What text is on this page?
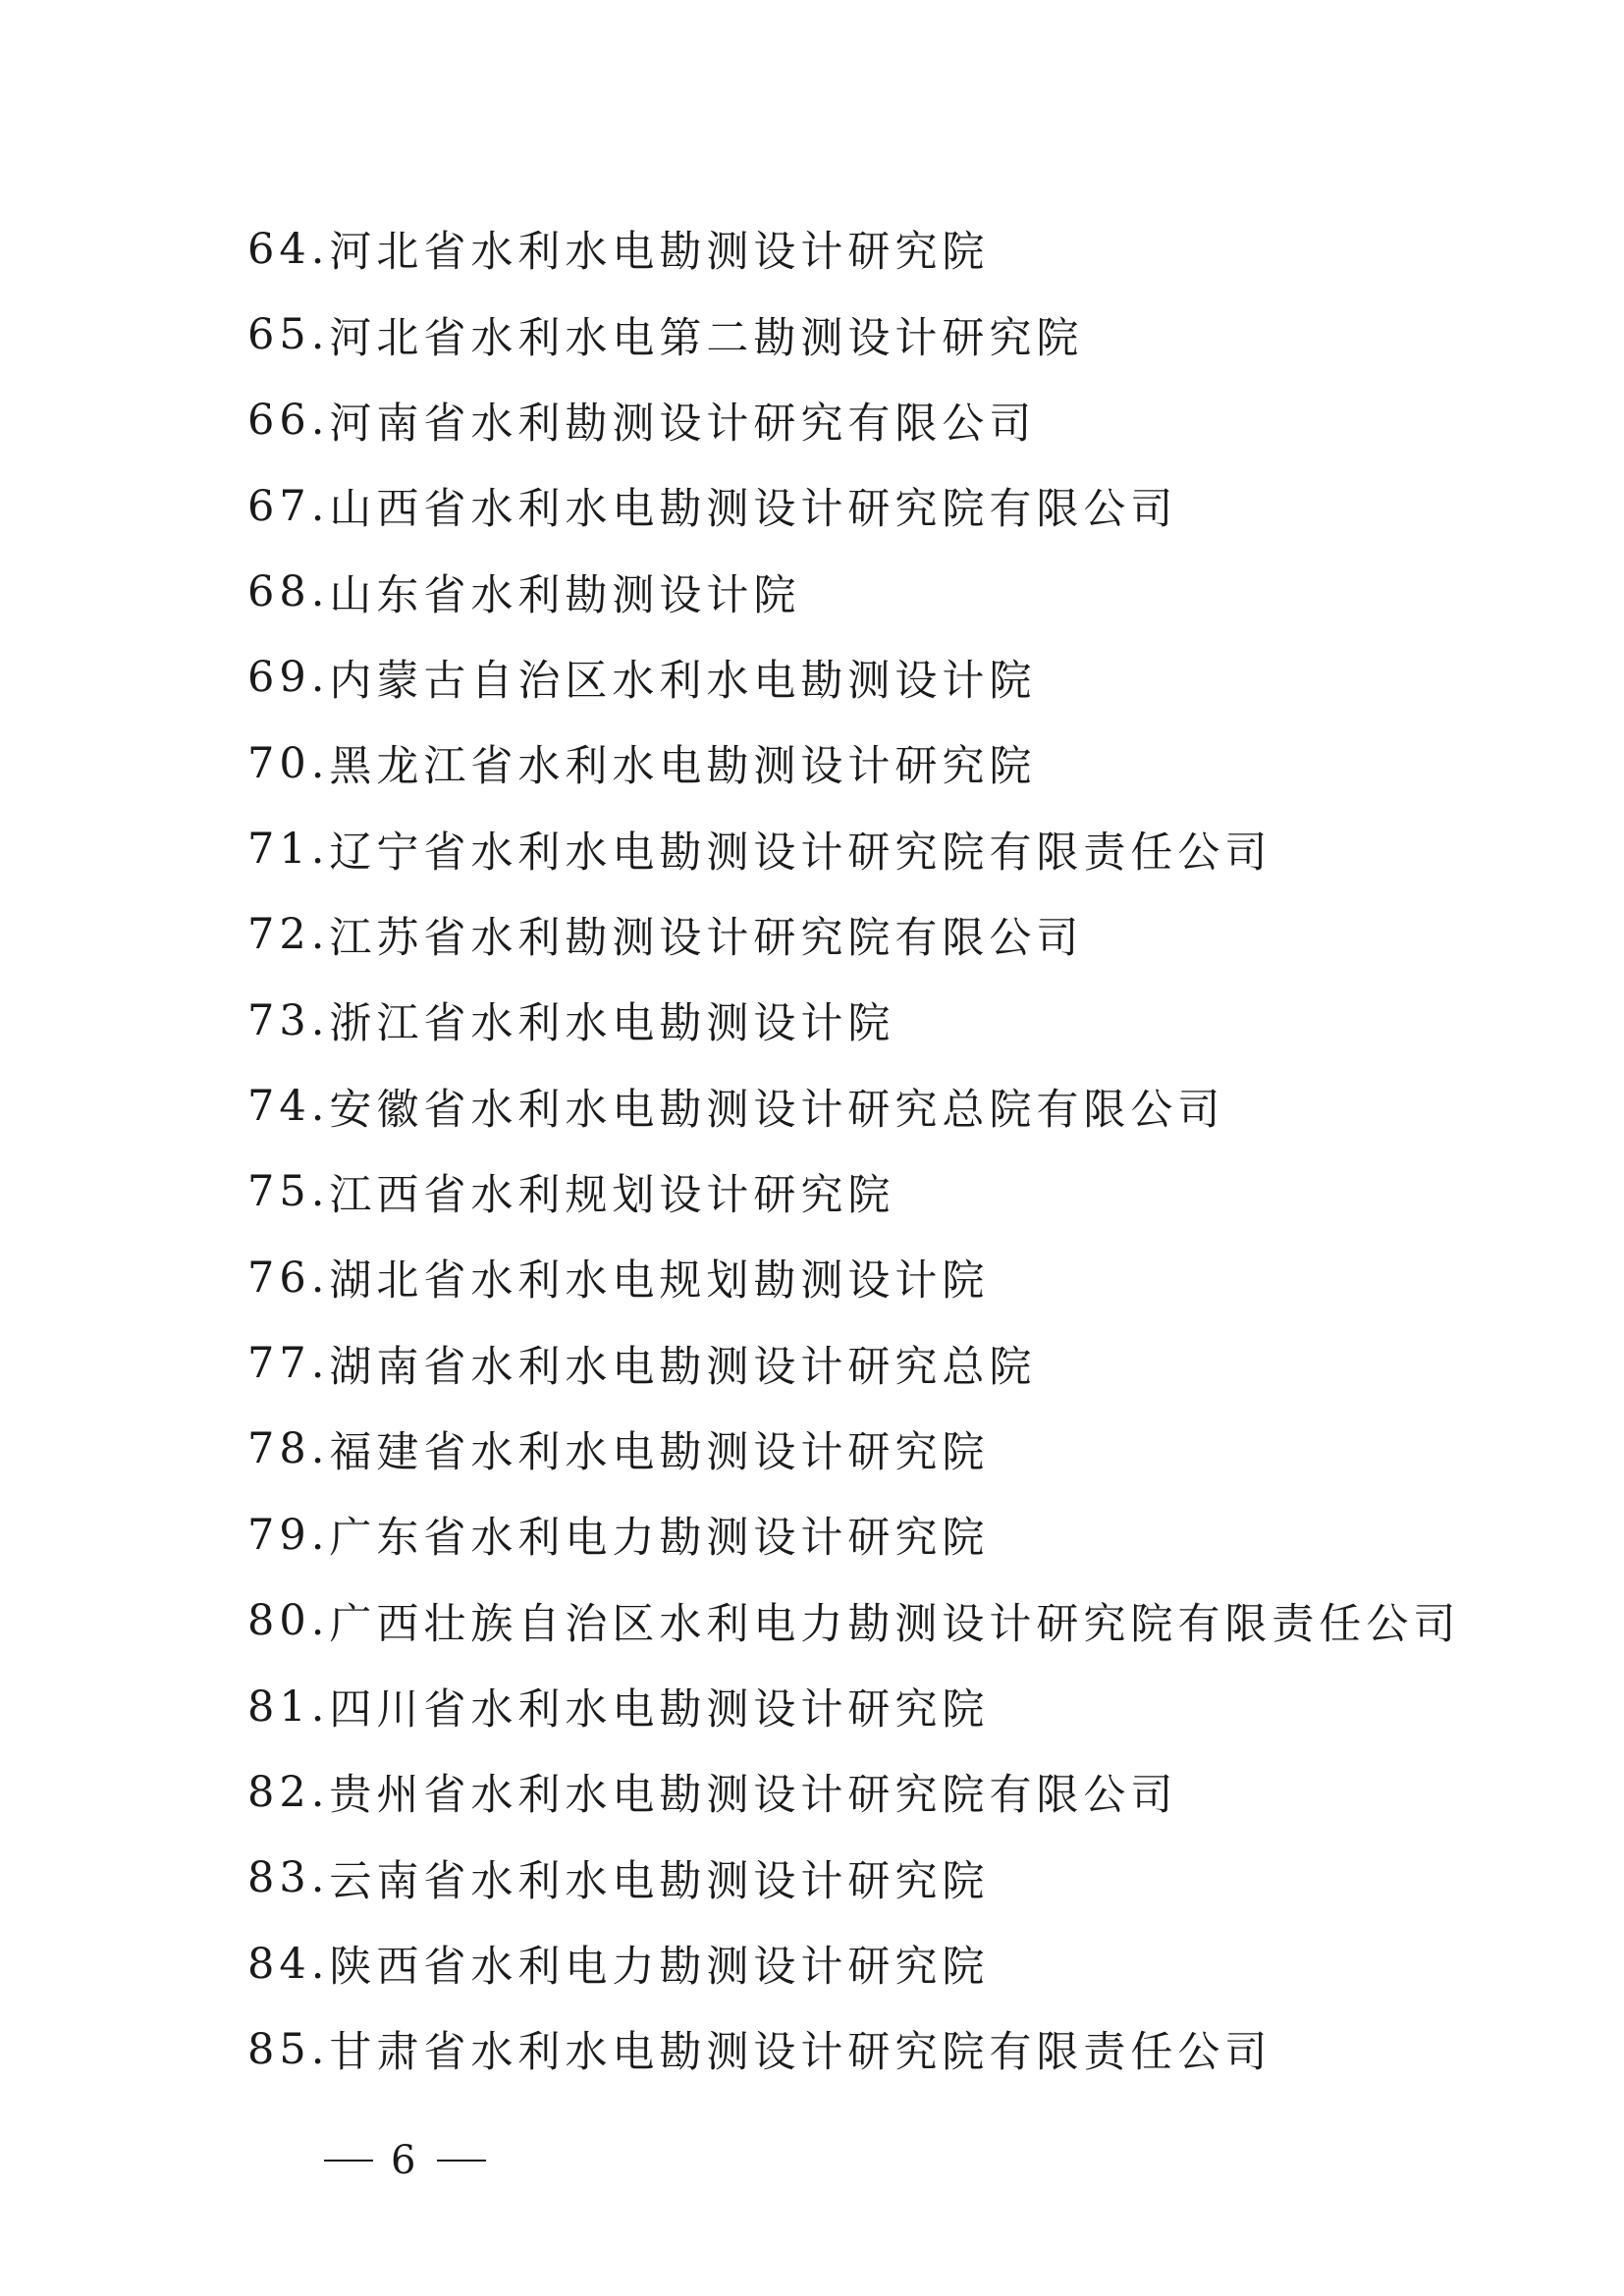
64. 河北省水利水电勘测设计研究院
65. 河北省水利水电第二勘测设计研究院
66. 河南省水利勘测设计研究有限公司
67. 山西省水利水电勘测设计研究院有限公司
68. 山东省水利勘测设计院
69. 内蒙古自治区水利水电勘测设计院
70. 黑龙江省水利水电勘测设计研究院
71. 辽宁省水利水电勘测设计研究院有限责任公司
72. 江苏省水利勘测设计研究院有限公司
73. 浙江省水利水电勘测设计院
74. 安徽省水利水电勘测设计研究总院有限公司
75. 江西省水利规划设计研究院
76. 湖北省水利水电规划勘测设计院
77. 湖南省水利水电勘测设计研究总院
78. 福建省水利水电勘测设计研究院
79. 广东省水利电力勘测设计研究院
80. 广西壮族自治区水利电力勘测设计研究院有限责任公司
81. 四川省水利水电勘测设计研究院
82. 贵州省水利水电勘测设计研究院有限公司
83. 云南省水利水电勘测设计研究院
84. 陕西省水利电力勘测设计研究院
85. 甘肃省水利水电勘测设计研究院有限责任公司
6
